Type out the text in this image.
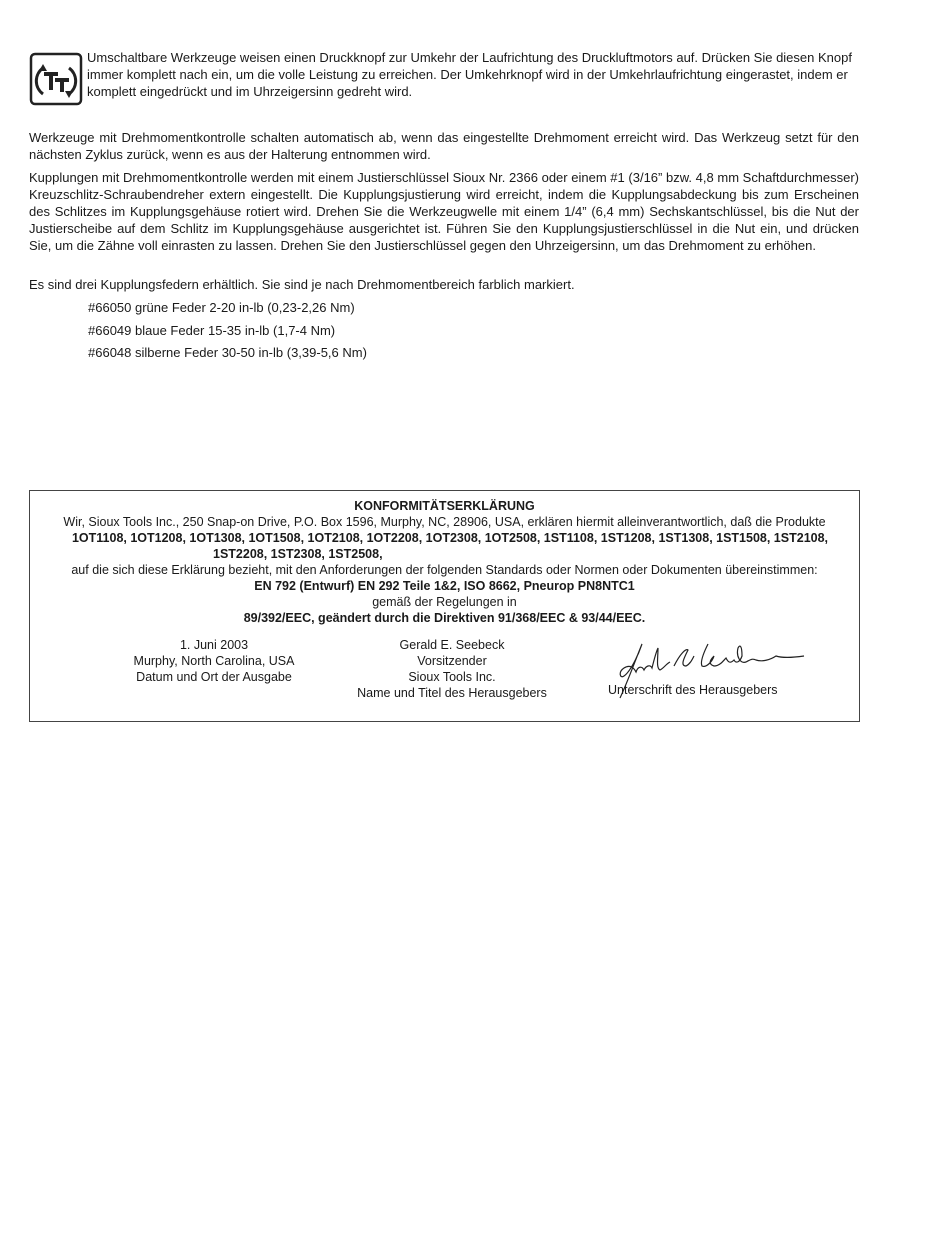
Umschaltbare Werkzeuge weisen einen Druckknopf zur Umkehr der Laufrichtung des Druckluftmotors auf. Drücken Sie diesen Knopf immer komplett nach ein, um die volle Leistung zu erreichen. Der Umkehrknopf wird in der Umkehrlaufrichtung eingerastet, indem er komplett eingedrückt und im Uhrzeigersinn gedreht wird.
Werkzeuge mit Drehmomentkontrolle schalten automatisch ab, wenn das eingestellte Drehmoment erreicht wird. Das Werkzeug setzt für den nächsten Zyklus zurück, wenn es aus der Halterung entnommen wird.
Kupplungen mit Drehmomentkontrolle werden mit einem Justierschlüssel Sioux Nr. 2366 oder einem #1 (3/16” bzw. 4,8 mm Schaftdurchmesser) Kreuzschlitz-Schraubendreher extern eingestellt. Die Kupplungsjustierung wird erreicht, indem die Kupplungsabdeckung bis zum Erscheinen des Schlitzes im Kupplungsgehäuse rotiert wird. Drehen Sie die Werkzeugwelle mit einem 1/4” (6,4 mm) Sechskantschlüssel, bis die Nut der Justierscheibe auf dem Schlitz im Kupplungsgehäuse ausgerichtet ist. Führen Sie den Kupplungsjustierschlüssel in die Nut ein, und drücken Sie, um die Zähne voll einrasten zu lassen. Drehen Sie den Justierschlüssel gegen den Uhrzeigersinn, um das Drehmoment zu erhöhen.
Es sind drei Kupplungsfedern erhältlich. Sie sind je nach Drehmomentbereich farblich markiert.
#66050 grüne Feder 2-20 in-lb (0,23-2,26 Nm)
#66049 blaue Feder 15-35 in-lb (1,7-4 Nm)
#66048 silberne Feder 30-50 in-lb (3,39-5,6 Nm)
KONFORMITÄTSERKLÄRUNG
Wir, Sioux Tools Inc., 250 Snap-on Drive, P.O. Box 1596, Murphy, NC, 28906, USA, erklären hiermit alleinverantwortlich, daß die Produkte
1OT1108, 1OT1208, 1OT1308, 1OT1508, 1OT2108, 1OT2208, 1OT2308, 1OT2508, 1ST1108, 1ST1208, 1ST1308, 1ST1508, 1ST2108,
1ST2208, 1ST2308, 1ST2508,
auf die sich diese Erklärung bezieht, mit den Anforderungen der folgenden Standards oder Normen oder Dokumenten übereinstimmen:
EN 792 (Entwurf) EN 292 Teile 1&2, ISO 8662, Pneurop PN8NTC1
gemäß der Regelungen in
89/392/EEC, geändert durch die Direktiven 91/368/EEC & 93/44/EEC.
1. Juni 2003
Murphy, North Carolina, USA
Datum und Ort der Ausgabe
Gerald E. Seebeck
Vorsitzender
Sioux Tools Inc.
Name und Titel des Herausgebers	Unterschrift des Herausgebers
